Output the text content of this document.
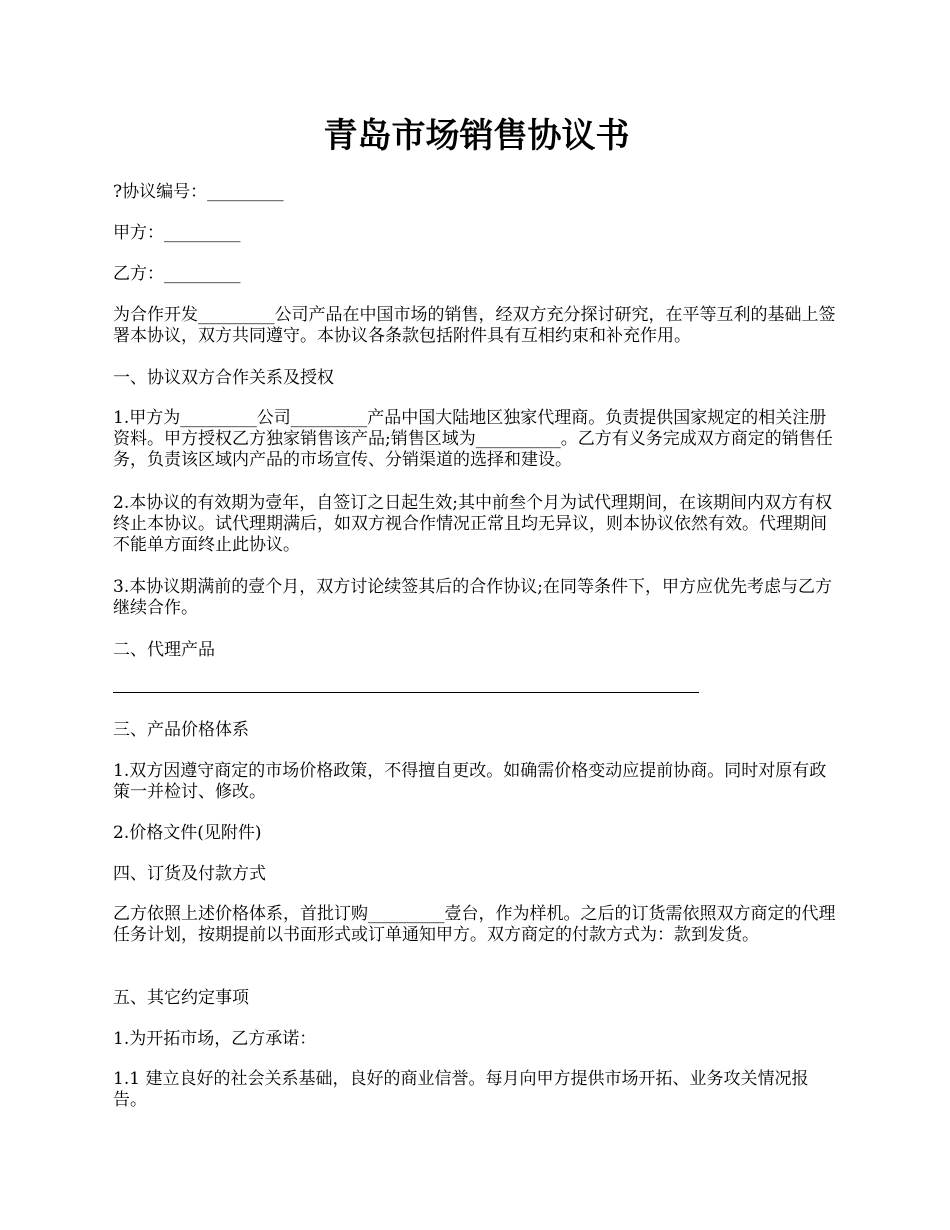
青岛市场销售协议书

?协议编号：_________

甲方：_________

乙方：_________

为合作开发_________公司产品在中国市场的销售，经双方充分探讨研究，在平等互利的基础上签署本协议，双方共同遵守。本协议各条款包括附件具有互相约束和补充作用。

一、协议双方合作关系及授权

1.甲方为_________公司_________产品中国大陆地区独家代理商。负责提供国家规定的相关注册资料。甲方授权乙方独家销售该产品;销售区域为__________。乙方有义务完成双方商定的销售任务，负责该区域内产品的市场宣传、分销渠道的选择和建设。

2.本协议的有效期为壹年，自签订之日起生效;其中前叁个月为试代理期间，在该期间内双方有权终止本协议。试代理期满后，如双方视合作情况正常且均无异议，则本协议依然有效。代理期间不能单方面终止此协议。

3.本协议期满前的壹个月，双方讨论续签其后的合作协议;在同等条件下，甲方应优先考虑与乙方继续合作。

二、代理产品

三、产品价格体系

1.双方因遵守商定的市场价格政策，不得擅自更改。如确需价格变动应提前协商。同时对原有政策一并检讨、修改。

2.价格文件(见附件)

四、订货及付款方式

乙方依照上述价格体系，首批订购_________壹台，作为样机。之后的订货需依照双方商定的代理任务计划，按期提前以书面形式或订单通知甲方。双方商定的付款方式为：款到发货。

五、其它约定事项

1.为开拓市场，乙方承诺：

1.1 建立良好的社会关系基础，良好的商业信誉。每月向甲方提供市场开拓、业务攻关情况报告。
